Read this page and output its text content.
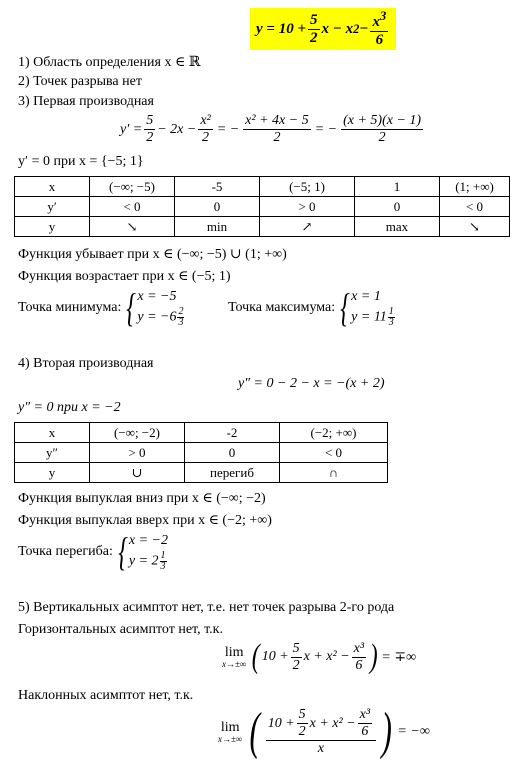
$y = 10 + \frac{5}{2}$ x − x $2 - \frac{x^3}{6}$
1) Область определения x ∈ ℝ
2) Точек разрыва нет
3) Первая производная
$y' = \frac{5}{2} - 2x - \frac{\text{x²}}{2}$ = − $\frac{\text{x² + 4x − 5}}{2}$ = − $\frac{(x + 5)(x - 1)}{2}$
y′ = 0 при x = {−5; 1}
x	(−∞; −5)	-5	(−5; 1)	1	(1; +∞)
y′	< 0	0	> 0	0	< 0
y	↘	min	↗	max	↘
Функция убывает при x ∈ (−∞; −5) ∪ (1; +∞)
Функция возрастает при x ∈ (−5; 1)
Точка минимума: { x = −5
$y = -6 \frac{2}{3}$	Точка максимума: { x = 1
$y = 11 \frac{1}{3}$
4) Вторая производная
y″ = 0 − 2 − x = −(x + 2)
y″ = 0 при x = −2
x	(−∞; −2)	-2	(−2; +∞)
y″	> 0	0	< 0
y	∪	перегиб	∩
Функция выпуклая вниз при x ∈ (−∞; −2)
Функция выпуклая вверх при x ∈ (−2; +∞)
Точка перегиба: { x = −2
$y = 2 \frac{1}{3}$
5) Вертикальных асимптот нет, т.е. нет точек разрыва 2-го рода
Горизонтальных асимптот нет, т.к.
lim
x→±∞ ( $10 + \frac{5}{2}$ $x + x^2 - \frac{\text{x³}}{6}$ ) = ∓∞
Наклонных асимптот нет, т.к.
lim
x→±∞ ( $\frac{10 + \frac{5}{2} x + x^2 - \frac{\text{x³}}{6}}{x}$ ) = −∞
